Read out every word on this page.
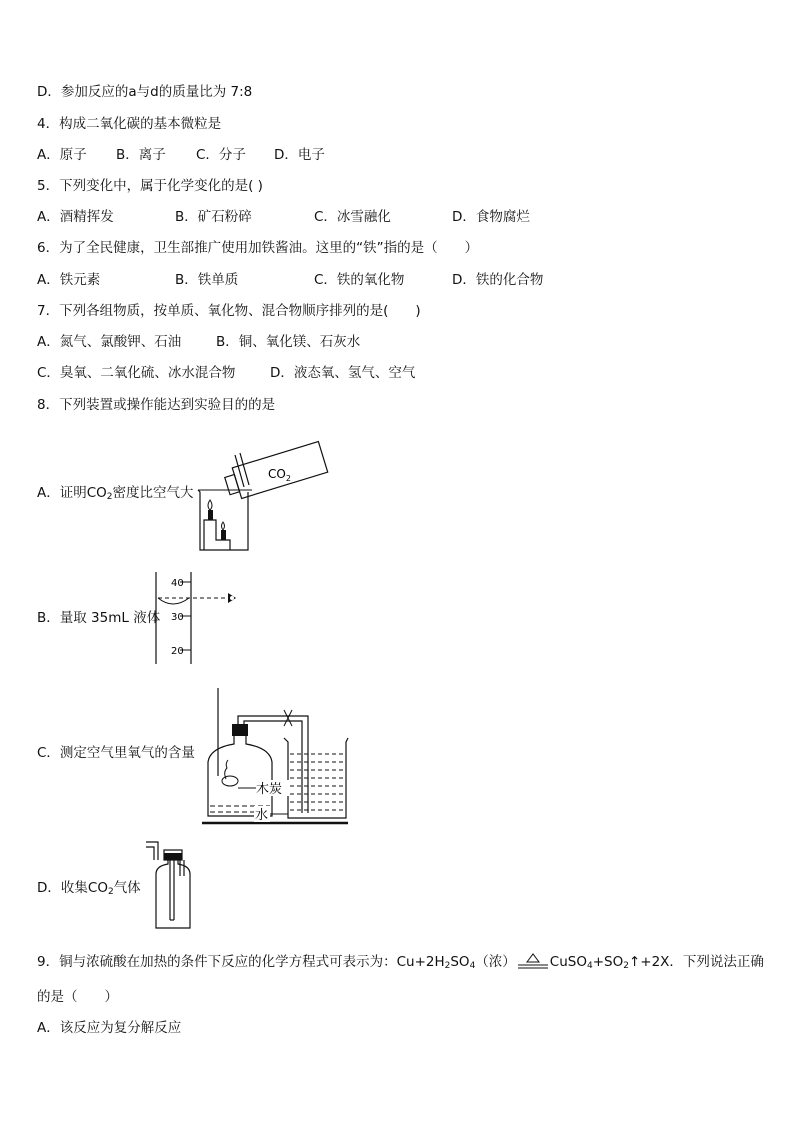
D．参加反应的a与d的质量比为 7:8
4．构成二氧化碳的基本微粒是
A．原子 B．离子 C．分子 D．电子
5．下列变化中，属于化学变化的是( )
A．酒精挥发	B．矿石粉碎	C．冰雪融化	D．食物腐烂
6．为了全民健康，卫生部推广使用加铁酱油。这里的“铁”指的是（　　）
A．铁元素	B．铁单质	C．铁的氧化物	D．铁的化合物
7．下列各组物质，按单质、氧化物、混合物顺序排列的是(　　)
A．氮气、氯酸钾、石油	B．铜、氧化镁、石灰水
C．臭氧、二氧化硫、冰水混合物	D．液态氧、氢气、空气
8．下列装置或操作能达到实验目的的是
A．证明$CO_2$密度比空气大
$CO_2$
B．量取 35mL 液体
40
30
20
C．测定空气里氧气的含量
木炭
水
D．收集$CO_2$气体
9．铜与浓硫酸在加热的条件下反应的化学方程式可表示为：$Cu+2H_2SO_4$（浓）	$CuSO_4+SO_2↑+2X$．下列说法正确
的是（　　）
A．该反应为复分解反应
